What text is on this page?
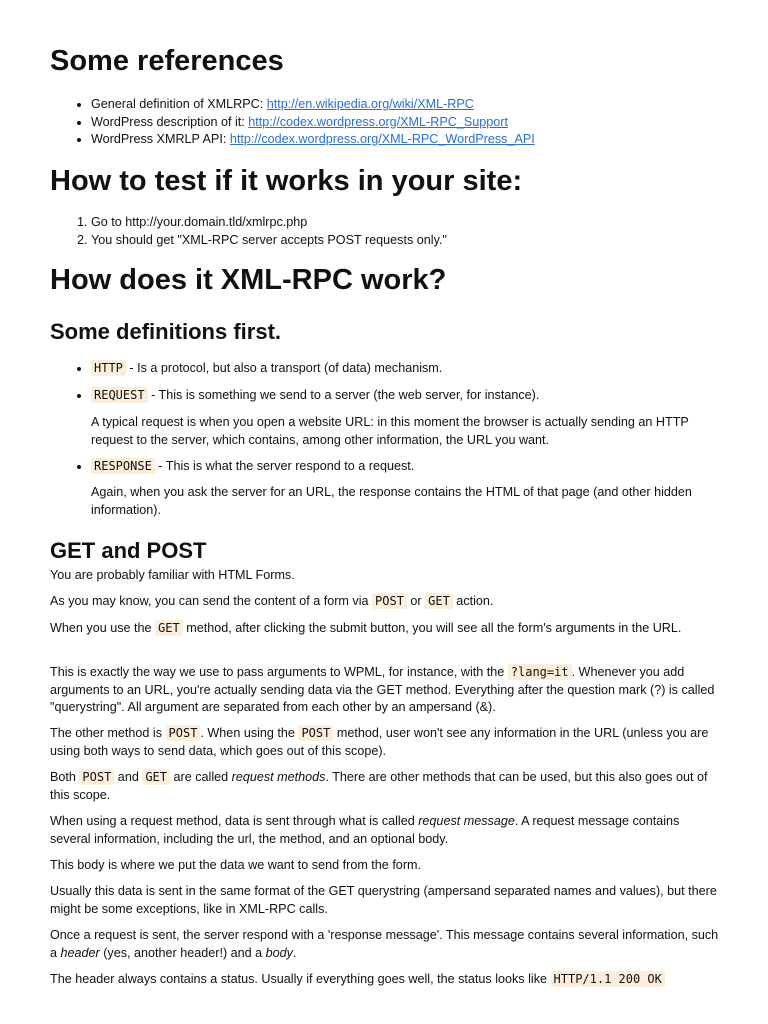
Some references
• General definition of XMLRPC: http://en.wikipedia.org/wiki/XML-RPC
• WordPress description of it: http://codex.wordpress.org/XML-RPC_Support
• WordPress XMRLP API: http://codex.wordpress.org/XML-RPC_WordPress_API
How to test if it works in your site:
1. Go to http://your.domain.tld/xmlrpc.php
2. You should get "XML-RPC server accepts POST requests only."
How does it XML-RPC work?
Some definitions first.
• HTTP - Is a protocol, but also a transport (of data) mechanism.
• REQUEST - This is something we send to a server (the web server, for instance).

A typical request is when you open a website URL: in this moment the browser is actually sending an HTTP request to the server, which contains, among other information, the URL you want.

• RESPONSE - This is what the server respond to a request.

Again, when you ask the server for an URL, the response contains the HTML of that page (and other hidden information).

GET and POST

You are probably familiar with HTML Forms.

As you may know, you can send the content of a form via POST or GET action.

When you use the GET method, after clicking the submit button, you will see all the form's arguments in the URL.

This is exactly the way we use to pass arguments to WPML, for instance, with the ?lang=it . Whenever you add arguments to an URL, you're actually sending data via the GET method. Everything after the question mark (?) is called "querystring". All argument are separated from each other by an ampersand (&).

The other method is POST . When using the POST method, user won't see any information in the URL (unless you are using both ways to send data, which goes out of this scope).

Both POST and GET are called request methods. There are other methods that can be used, but this also goes out of this scope.

When using a request method, data is sent through what is called request message. A request message contains several information, including the url, the method, and an optional body.

This body is where we put the data we want to send from the form.

Usually this data is sent in the same format of the GET querystring (ampersand separated names and values), but there might be some exceptions, like in XML-RPC calls.

Once a request is sent, the server respond with a 'response message'. This message contains several information, such a header (yes, another header!) and a body.

The header always contains a status. Usually if everything goes well, the status looks like HTTP/1.1 200 OK
